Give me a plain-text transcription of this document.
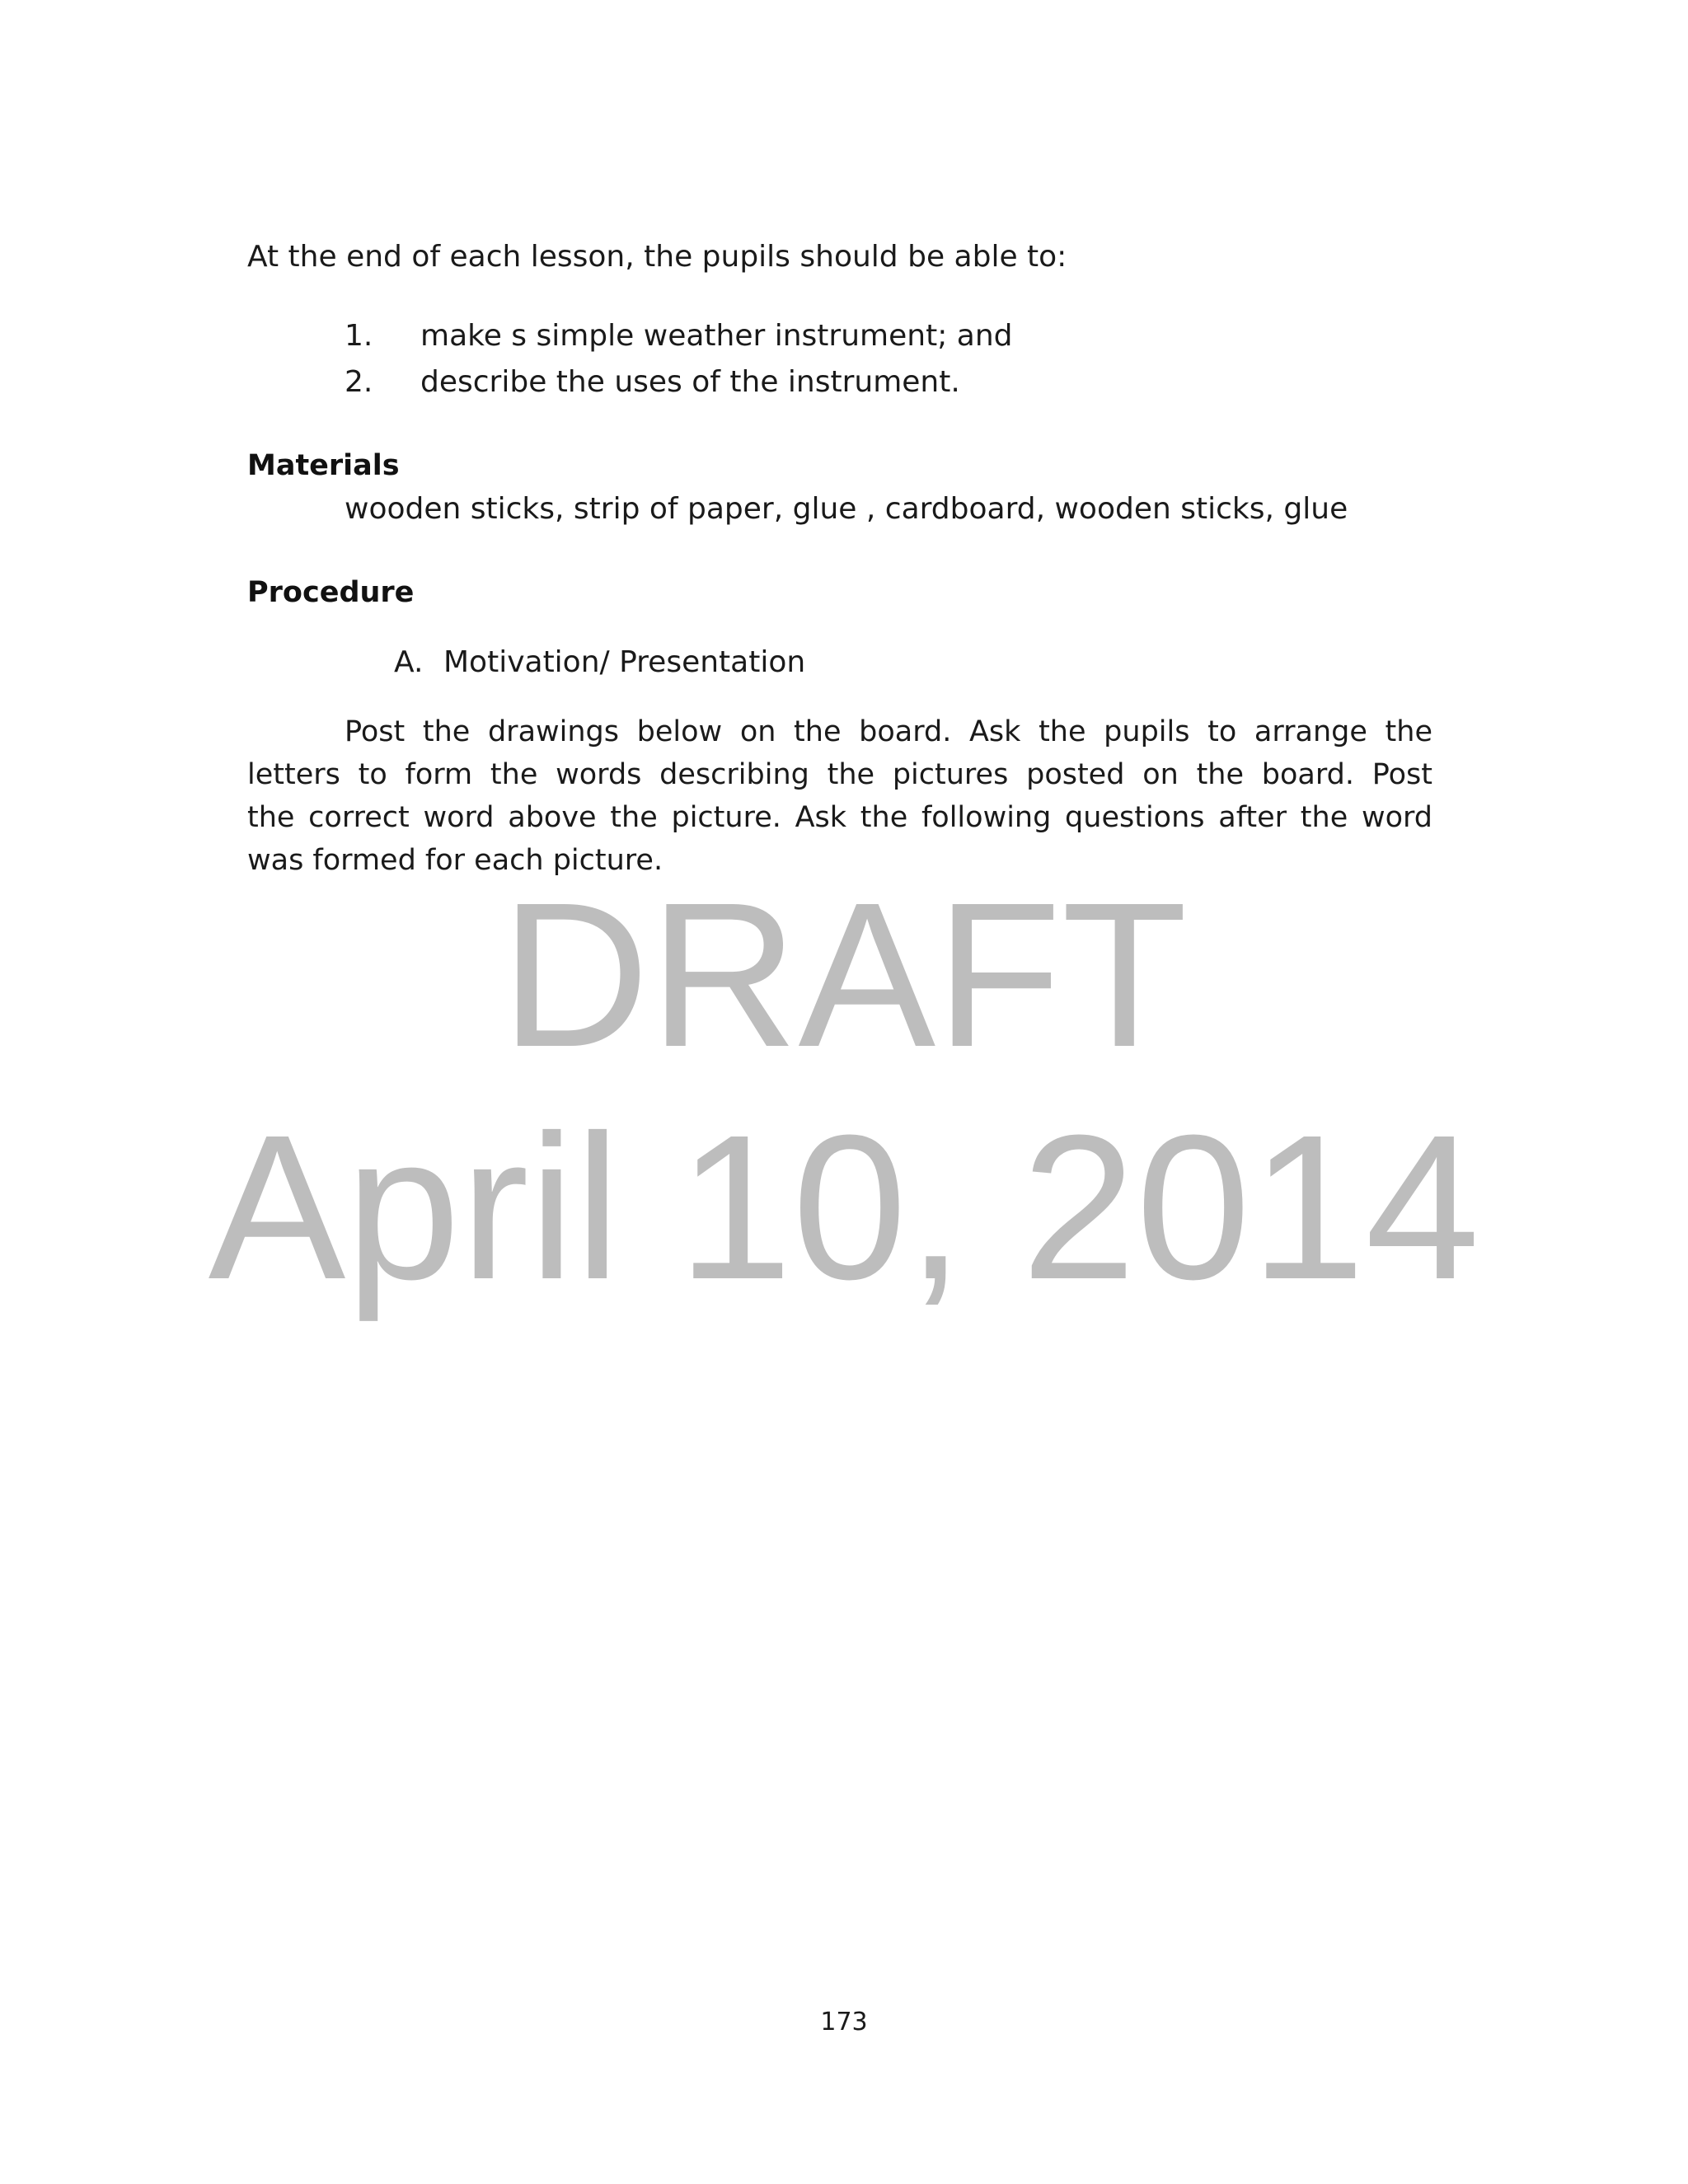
At the end of each lesson, the pupils should be able to:
1. make s simple weather instrument; and
2. describe the uses of the instrument.
Materials
wooden sticks, strip of paper, glue , cardboard, wooden sticks, glue
Procedure
A. Motivation/ Presentation
Post the drawings below on the board. Ask the pupils to arrange the
letters to form the words describing the pictures posted on the board. Post
the correct word above the picture. Ask the following questions after the word
was formed for each picture.
DRAFT
April 10, 2014
173
